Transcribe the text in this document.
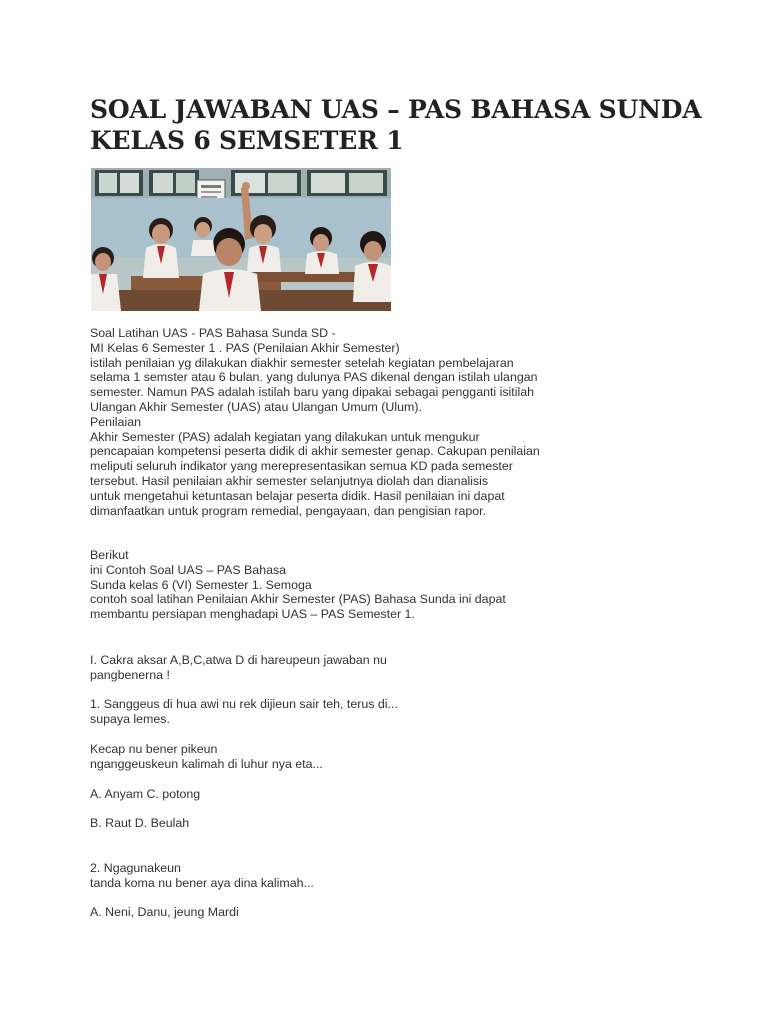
SOAL JAWABAN UAS – PAS BAHASA SUNDA
KELAS 6 SEMSETER 1
Soal Latihan UAS - PAS Bahasa Sunda SD -
MI Kelas 6 Semester 1 . PAS (Penilaian Akhir Semester)
istilah penilaian yg dilakukan diakhir semester setelah kegiatan pembelajaran
selama 1 semster atau 6 bulan. yang dulunya PAS dikenal dengan istilah ulangan
semester. Namun PAS adalah istilah baru yang dipakai sebagai pengganti isitilah
Ulangan Akhir Semester (UAS) atau Ulangan Umum (Ulum).
Penilaian
Akhir Semester (PAS) adalah kegiatan yang dilakukan untuk mengukur
pencapaian kompetensi peserta didik di akhir semester genap. Cakupan penilaian
meliputi seluruh indikator yang merepresentasikan semua KD pada semester
tersebut. Hasil penilaian akhir semester selanjutnya diolah dan dianalisis
untuk mengetahui ketuntasan belajar peserta didik. Hasil penilaian ini dapat
dimanfaatkan untuk program remedial, pengayaan, dan pengisian rapor.
Berikut
ini Contoh Soal UAS – PAS Bahasa
Sunda kelas 6 (VI) Semester 1. Semoga
contoh soal latihan Penilaian Akhir Semester (PAS) Bahasa Sunda ini dapat
membantu persiapan menghadapi UAS – PAS Semester 1.
I. Cakra aksar A,B,C,atwa D di hareupeun jawaban nu
pangbenerna !
1. Sanggeus di hua awi nu rek dijieun sair teh, terus di...
supaya lemes.
Kecap nu bener pikeun
nganggeuskeun kalimah di luhur nya eta...
A. Anyam C. potong
B. Raut D. Beulah
2. Ngagunakeun
tanda koma nu bener aya dina kalimah...
A. Neni, Danu, jeung Mardi
